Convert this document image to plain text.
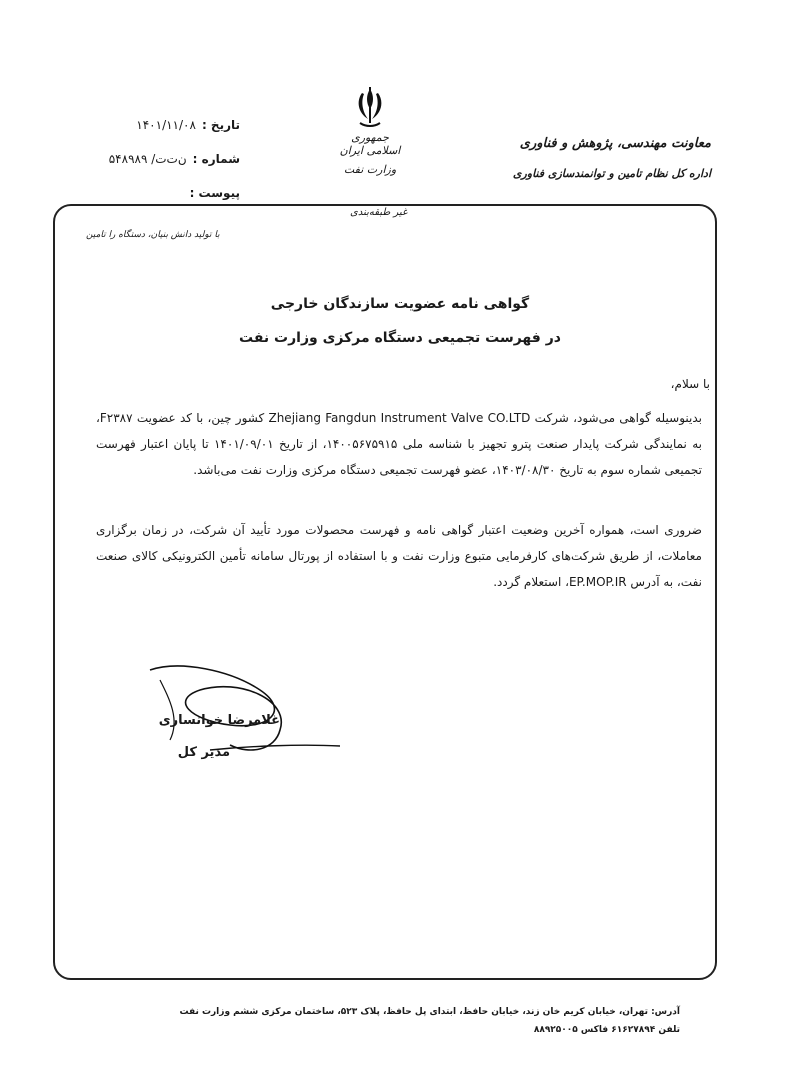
تاریخ :
۱۴۰۱/۱۱/۰۸
شماره :
ن‌ت‌ت/ ۵۴۸۹۸۹
پیوست :
جمهوری اسلامی ایران
وزارت نفت
غیر طبقه‌بندی
معاونت مهندسی، پژوهش و فناوری
اداره کل نظام تامین و توانمندسازی فناوری
با تولید دانش بنیان، دستگاه را تامین
گواهی نامه عضویت سازندگان خارجی
در فهرست تجمیعی دستگاه مرکزی وزارت نفت
با سلام،
بدینوسیله گواهی می‌شود، شرکت Zhejiang Fangdun Instrument Valve CO.LTD کشور چین، با کد عضویت F۲۳۸۷، به نمایندگی شرکت پایدار صنعت پترو تجهیز با شناسه ملی ۱۴۰۰۵۶۷۵۹۱۵، از تاریخ ۱۴۰۱/۰۹/۰۱ تا پایان اعتبار فهرست تجمیعی شماره سوم به تاریخ ۱۴۰۳/۰۸/۳۰، عضو فهرست تجمیعی دستگاه مرکزی وزارت نفت می‌باشد.
ضروری است، همواره آخرین وضعیت اعتبار گواهی نامه و فهرست محصولات مورد تأیید آن شرکت، در زمان برگزاری معاملات، از طریق شرکت‌های کارفرمایی متبوع وزارت نفت و با استفاده از پورتال سامانه تأمین الکترونیکی کالای صنعت نفت، به آدرس EP.MOP.IR، استعلام گردد.
غلامرضا خوانساری
مدیر کل
آدرس: تهران، خیابان کریم خان زند، خیابان حافظ، ابتدای پل حافظ، پلاک ۵۲۳، ساختمان مرکزی ششم وزارت نفت
تلفن ۶۱۶۲۷۸۹۴ فاکس ۸۸۹۲۵۰۰۵
